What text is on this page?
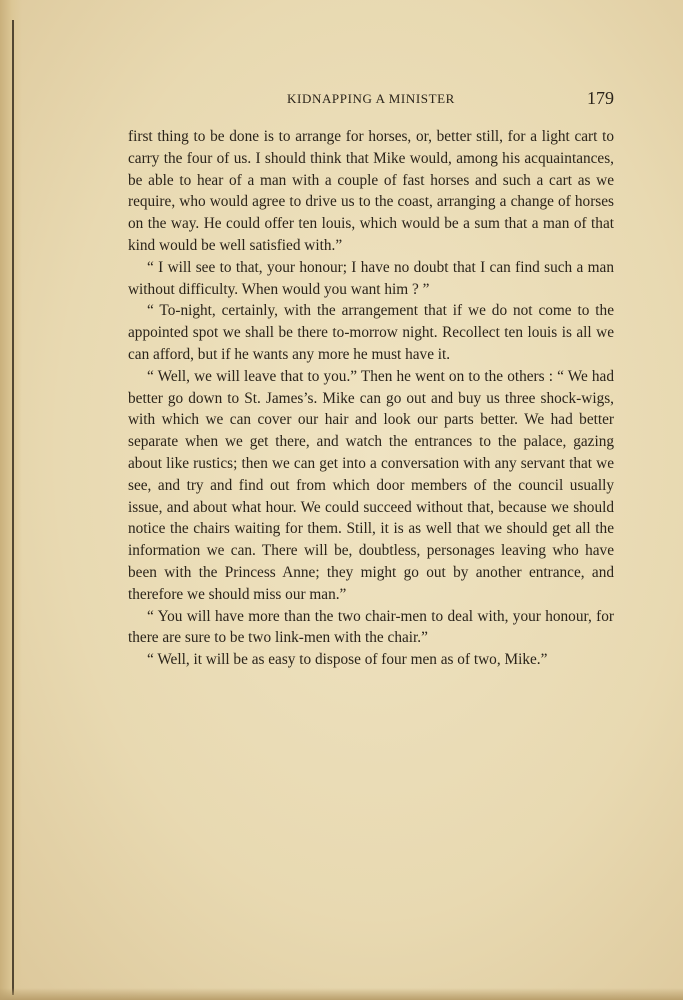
KIDNAPPING A MINISTER	179

first thing to be done is to arrange for horses, or, better still, for a light cart to carry the four of us. I should think that Mike would, among his acquaintances, be able to hear of a man with a couple of fast horses and such a cart as we require, who would agree to drive us to the coast, arranging a change of horses on the way. He could offer ten louis, which would be a sum that a man of that kind would be well satisfied with.”

“ I will see to that, your honour; I have no doubt that I can find such a man without difficulty. When would you want him ? ”

“ To-night, certainly, with the arrangement that if we do not come to the appointed spot we shall be there to-morrow night. Recollect ten louis is all we can afford, but if he wants any more he must have it.

“ Well, we will leave that to you.” Then he went on to the others : “ We had better go down to St. James’s. Mike can go out and buy us three shock-wigs, with which we can cover our hair and look our parts better. We had better separate when we get there, and watch the entrances to the palace, gazing about like rustics; then we can get into a conversation with any servant that we see, and try and find out from which door members of the council usually issue, and about what hour. We could succeed without that, because we should notice the chairs waiting for them. Still, it is as well that we should get all the information we can. There will be, doubtless, personages leaving who have been with the Princess Anne; they might go out by another entrance, and therefore we should miss our man.”

“ You will have more than the two chair-men to deal with, your honour, for there are sure to be two link-men with the chair.”

“ Well, it will be as easy to dispose of four men as of two, Mike.”
